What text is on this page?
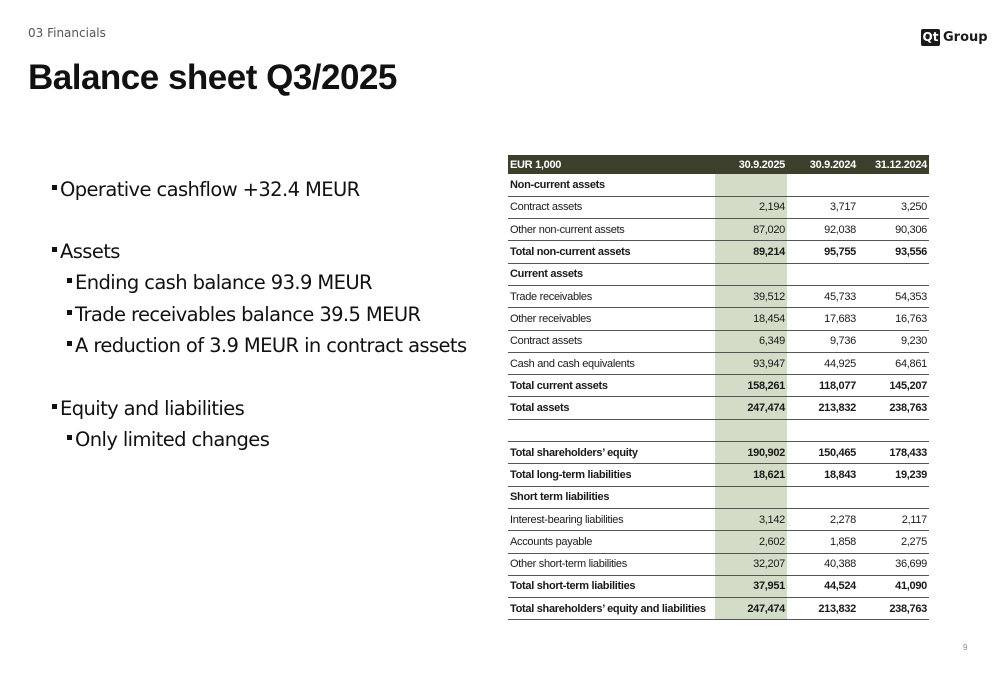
03 Financials	Qt Group
Balance sheet Q3/2025
Operative cashflow +32.4 MEUR
Assets
Ending cash balance 93.9 MEUR
Trade receivables balance 39.5 MEUR
A reduction of 3.9 MEUR in contract assets
Equity and liabilities
Only limited changes
EUR 1,000	30.9.2025	30.9.2024	31.12.2024
Non-current assets			
Contract assets	2,194	3,717	3,250
Other non-current assets	87,020	92,038	90,306
Total non-current assets	89,214	95,755	93,556
Current assets			
Trade receivables	39,512	45,733	54,353
Other receivables	18,454	17,683	16,763
Contract assets	6,349	9,736	9,230
Cash and cash equivalents	93,947	44,925	64,861
Total current assets	158,261	118,077	145,207
Total assets	247,474	213,832	238,763

Total shareholders’ equity	190,902	150,465	178,433
Total long-term liabilities	18,621	18,843	19,239
Short term liabilities			
Interest-bearing liabilities	3,142	2,278	2,117
Accounts payable	2,602	1,858	2,275
Other short-term liabilities	32,207	40,388	36,699
Total short-term liabilities	37,951	44,524	41,090
Total shareholders’ equity and liabilities	247,474	213,832	238,763
9
